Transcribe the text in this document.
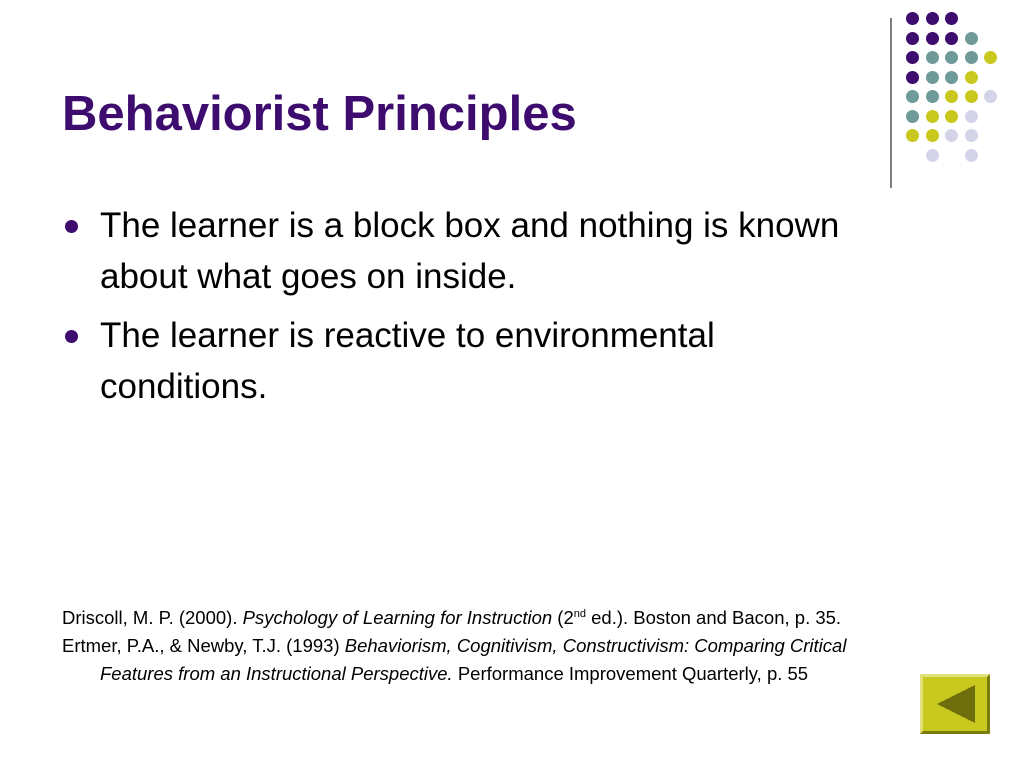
Behaviorist Principles
The learner is a block box and nothing is known about what goes on inside.
The learner is reactive to environmental conditions.
Driscoll, M. P. (2000). Psychology of Learning for Instruction (2nd ed.). Boston and Bacon, p. 35.
Ertmer, P.A., & Newby, T.J. (1993) Behaviorism, Cognitivism, Constructivism: Comparing Critical Features from an Instructional Perspective. Performance Improvement Quarterly, p. 55
